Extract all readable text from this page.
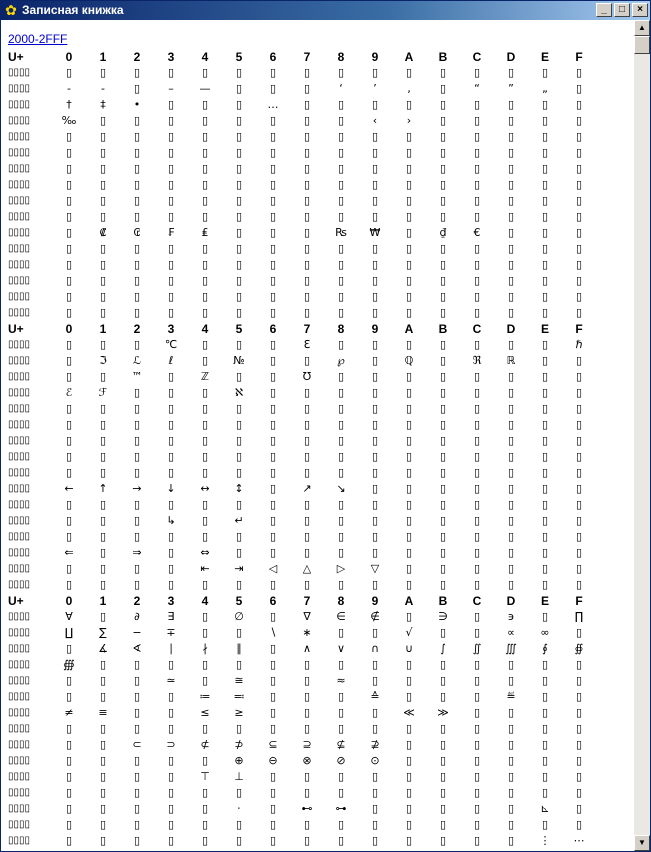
✿ Записная книжка	_	□	×
2000-2FFF
U+	0	1	2	3	4	5	6	7	8	9	A	B	C	D	E	F
▯▯▯▯	▯	▯	▯	▯	▯	▯	▯	▯	▯	▯	▯	▯	▯	▯	▯	▯
▯▯▯▯	-	-	▯	–	—	▯	▯	▯	‘	’	‚	▯	“	”	„	▯
▯▯▯▯	†	‡	•	▯	▯	▯	…	▯	▯	▯	▯	▯	▯	▯	▯	▯
▯▯▯▯	‰	▯	▯	▯	▯	▯	▯	▯	▯	‹	›	▯	▯	▯	▯	▯
▯▯▯▯	▯	▯	▯	▯	▯	▯	▯	▯	▯	▯	▯	▯	▯	▯	▯	▯
▯▯▯▯	▯	▯	▯	▯	▯	▯	▯	▯	▯	▯	▯	▯	▯	▯	▯	▯
▯▯▯▯	▯	▯	▯	▯	▯	▯	▯	▯	▯	▯	▯	▯	▯	▯	▯	▯
▯▯▯▯	▯	▯	▯	▯	▯	▯	▯	▯	▯	▯	▯	▯	▯	▯	▯	▯
▯▯▯▯	▯	▯	▯	▯	▯	▯	▯	▯	▯	▯	▯	▯	▯	▯	▯	▯
▯▯▯▯	▯	▯	▯	▯	▯	▯	▯	▯	▯	▯	▯	▯	▯	▯	▯	▯
▯▯▯▯	▯	₡	₢	₣	₤	▯	▯	▯	₨	₩	▯	₫	€	▯	▯	▯
▯▯▯▯	▯	▯	▯	▯	▯	▯	▯	▯	▯	▯	▯	▯	▯	▯	▯	▯
▯▯▯▯	▯	▯	▯	▯	▯	▯	▯	▯	▯	▯	▯	▯	▯	▯	▯	▯
▯▯▯▯	▯	▯	▯	▯	▯	▯	▯	▯	▯	▯	▯	▯	▯	▯	▯	▯
▯▯▯▯	▯	▯	▯	▯	▯	▯	▯	▯	▯	▯	▯	▯	▯	▯	▯	▯
▯▯▯▯	▯	▯	▯	▯	▯	▯	▯	▯	▯	▯	▯	▯	▯	▯	▯	▯
U+	0	1	2	3	4	5	6	7	8	9	A	B	C	D	E	F
▯▯▯▯	▯	▯	▯	℃	▯	▯	▯	ℇ	▯	▯	▯	▯	▯	▯	▯	ℏ
▯▯▯▯	▯	ℑ	ℒ	ℓ	▯	№	▯	▯	℘	▯	ℚ	▯	ℜ	ℝ	▯	▯
▯▯▯▯	▯	▯	™	▯	ℤ	▯	▯	℧	▯	▯	▯	▯	▯	▯	▯	▯
▯▯▯▯	ℰ	ℱ	▯	▯	▯	ℵ	▯	▯	▯	▯	▯	▯	▯	▯	▯	▯
▯▯▯▯	▯	▯	▯	▯	▯	▯	▯	▯	▯	▯	▯	▯	▯	▯	▯	▯
▯▯▯▯	▯	▯	▯	▯	▯	▯	▯	▯	▯	▯	▯	▯	▯	▯	▯	▯
▯▯▯▯	▯	▯	▯	▯	▯	▯	▯	▯	▯	▯	▯	▯	▯	▯	▯	▯
▯▯▯▯	▯	▯	▯	▯	▯	▯	▯	▯	▯	▯	▯	▯	▯	▯	▯	▯
▯▯▯▯	▯	▯	▯	▯	▯	▯	▯	▯	▯	▯	▯	▯	▯	▯	▯	▯
▯▯▯▯	←	↑	→	↓	↔	↕	▯	↗	↘	▯	▯	▯	▯	▯	▯	▯
▯▯▯▯	▯	▯	▯	▯	▯	▯	▯	▯	▯	▯	▯	▯	▯	▯	▯	▯
▯▯▯▯	▯	▯	▯	↳	▯	↵	▯	▯	▯	▯	▯	▯	▯	▯	▯	▯
▯▯▯▯	▯	▯	▯	▯	▯	▯	▯	▯	▯	▯	▯	▯	▯	▯	▯	▯
▯▯▯▯	⇐	▯	⇒	▯	⇔	▯	▯	▯	▯	▯	▯	▯	▯	▯	▯	▯
▯▯▯▯	▯	▯	▯	▯	⇤	⇥	◁	△	▷	▽	▯	▯	▯	▯	▯	▯
▯▯▯▯	▯	▯	▯	▯	▯	▯	▯	▯	▯	▯	▯	▯	▯	▯	▯	▯
U+	0	1	2	3	4	5	6	7	8	9	A	B	C	D	E	F
▯▯▯▯	∀	▯	∂	∃	▯	∅	▯	∇	∈	∉	▯	∋	▯	϶	▯	∏
▯▯▯▯	∐	∑	−	∓	▯	▯	∖	∗	▯	▯	√	▯	▯	∝	∞	▯
▯▯▯▯	▯	∡	∢	∣	∤	∥	▯	∧	∨	∩	∪	∫	∬	∭	∮	∯
▯▯▯▯	∰	▯	▯	▯	▯	▯	▯	▯	▯	▯	▯	▯	▯	▯	▯	▯
▯▯▯▯	▯	▯	▯	≃	▯	≅	▯	▯	≈	▯	▯	▯	▯	▯	▯	▯
▯▯▯▯	▯	▯	▯	▯	≔	≕	▯	▯	▯	≙	▯	▯	▯	≝	▯	▯
▯▯▯▯	≠	≡	▯	▯	≤	≥	▯	▯	▯	▯	≪	≫	▯	▯	▯	▯
▯▯▯▯	▯	▯	▯	▯	▯	▯	▯	▯	▯	▯	▯	▯	▯	▯	▯	▯
▯▯▯▯	▯	▯	⊂	⊃	⊄	⊅	⊆	⊇	⊈	⊉	▯	▯	▯	▯	▯	▯
▯▯▯▯	▯	▯	▯	▯	▯	⊕	⊖	⊗	⊘	⊙	▯	▯	▯	▯	▯	▯
▯▯▯▯	▯	▯	▯	▯	⊤	⊥	▯	▯	▯	▯	▯	▯	▯	▯	▯	▯
▯▯▯▯	▯	▯	▯	▯	▯	▯	▯	▯	▯	▯	▯	▯	▯	▯	▯	▯
▯▯▯▯	▯	▯	▯	▯	▯	⋅	▯	⊷	⊶	▯	▯	▯	▯	▯	⊾	▯
▯▯▯▯	▯	▯	▯	▯	▯	▯	▯	▯	▯	▯	▯	▯	▯	▯	▯	▯
▯▯▯▯	▯	▯	▯	▯	▯	▯	▯	▯	▯	▯	▯	▯	▯	▯	⋮	⋯
▲
▼
